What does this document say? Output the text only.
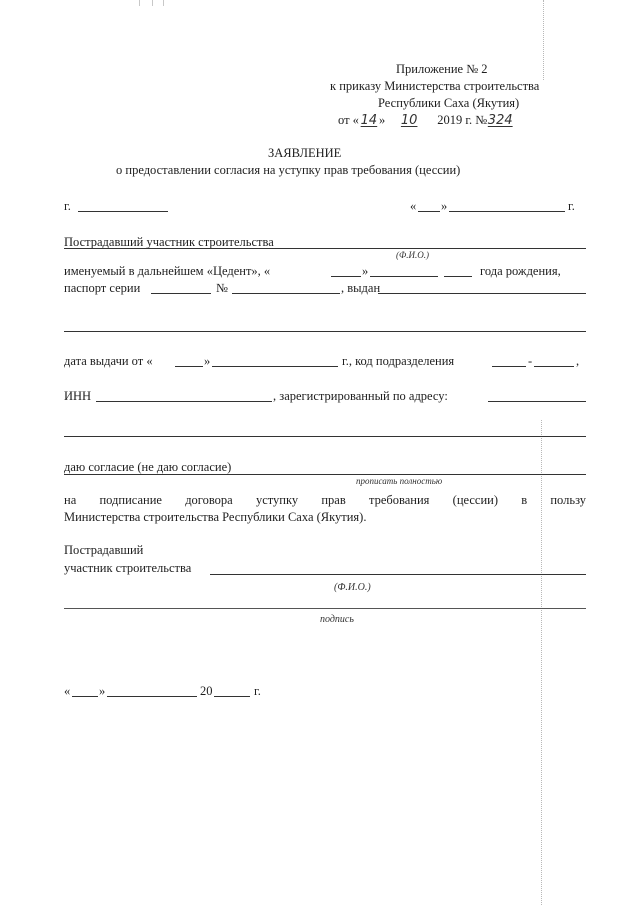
Приложение № 2
к приказу Министерства строительства
Республики Саха (Якутия)
от « 14 » 10 2019 г. №324
ЗАЯВЛЕНИЕ
о предоставлении согласия на уступку прав требования (цессии)
г.	« »	г.
Пострадавший участник строительства
(Ф.И.О.)
именуемый в дальнейшем «Цедент», «	»	года рождения,
паспорт серии	№	, выдан
дата выдачи от «	»	г., код подразделения	-	,
ИНН	, зарегистрированный по адресу:
даю согласие (не даю согласие)
прописать полностью
на подписание договора уступку прав требования (цессии) в пользу
Министерства строительства Республики Саха (Якутия).
Пострадавший
участник строительства
(Ф.И.О.)
подпись
« »	20	г.
